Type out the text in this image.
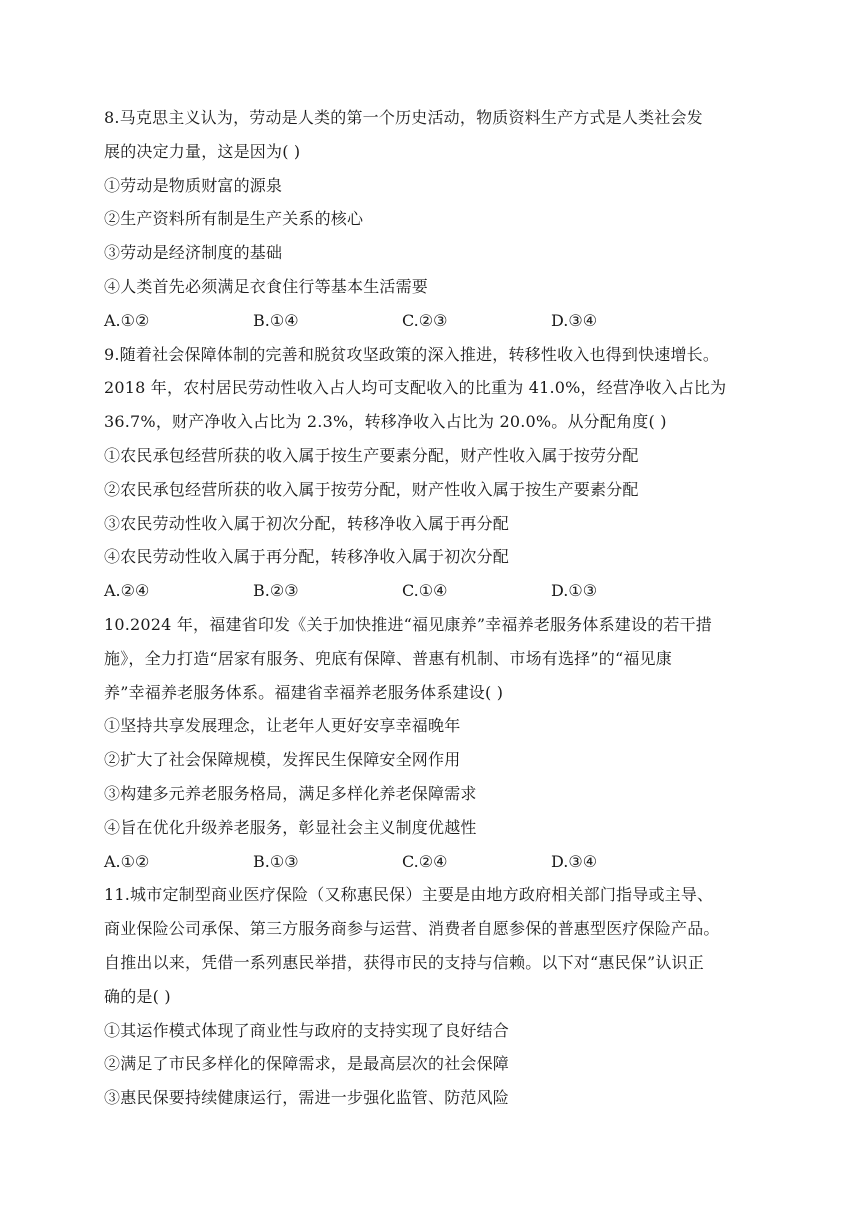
8.马克思主义认为，劳动是人类的第一个历史活动，物质资料生产方式是人类社会发
展的决定力量，这是因为( )
①劳动是物质财富的源泉
②生产资料所有制是生产关系的核心
③劳动是经济制度的基础
④人类首先必须满足衣食住行等基本生活需要
A.①②	B.①④	C.②③	D.③④
9.随着社会保障体制的完善和脱贫攻坚政策的深入推进，转移性收入也得到快速增长。
2018 年，农村居民劳动性收入占人均可支配收入的比重为 41.0%，经营净收入占比为
36.7%，财产净收入占比为 2.3%，转移净收入占比为 20.0%。从分配角度( )
①农民承包经营所获的收入属于按生产要素分配，财产性收入属于按劳分配
②农民承包经营所获的收入属于按劳分配，财产性收入属于按生产要素分配
③农民劳动性收入属于初次分配，转移净收入属于再分配
④农民劳动性收入属于再分配，转移净收入属于初次分配
A.②④	B.②③	C.①④	D.①③
10.2024 年，福建省印发《关于加快推进“福见康养”幸福养老服务体系建设的若干措
施》，全力打造“居家有服务、兜底有保障、普惠有机制、市场有选择”的“福见康
养”幸福养老服务体系。福建省幸福养老服务体系建设( )
①坚持共享发展理念，让老年人更好安享幸福晚年
②扩大了社会保障规模，发挥民生保障安全网作用
③构建多元养老服务格局，满足多样化养老保障需求
④旨在优化升级养老服务，彰显社会主义制度优越性
A.①②	B.①③	C.②④	D.③④
11.城市定制型商业医疗保险（又称惠民保）主要是由地方政府相关部门指导或主导、
商业保险公司承保、第三方服务商参与运营、消费者自愿参保的普惠型医疗保险产品。
自推出以来，凭借一系列惠民举措，获得市民的支持与信赖。以下对“惠民保”认识正
确的是( )
①其运作模式体现了商业性与政府的支持实现了良好结合
②满足了市民多样化的保障需求，是最高层次的社会保障
③惠民保要持续健康运行，需进一步强化监管、防范风险
